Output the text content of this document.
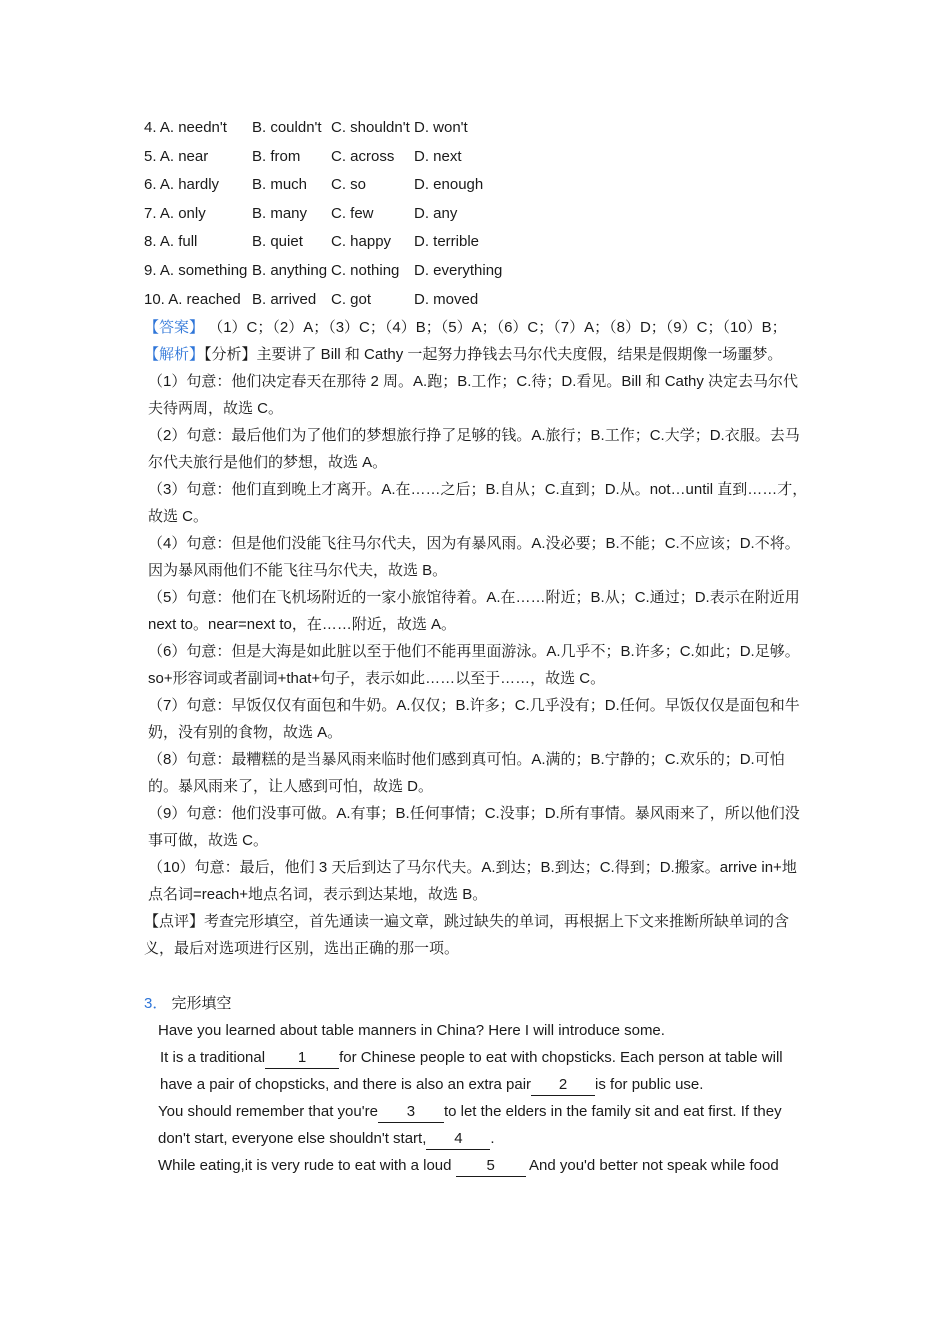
4. A. needn't	B. couldn't C. shouldn't D. won't
5. A. near	B. from	C. across	D. next
6. A. hardly	B. much	C. so	D. enough
7. A. only	B. many	C. few	D. any
8. A. full	B. quiet	C. happy	D. terrible
9. A. something B. anything C. nothing D. everything
10. A. reached B. arrived C. got	D. moved

【答案】 （1）C；（2）A；（3）C；（4）B；（5）A；（6）C；（7）A；（8）D；（9）C；（10）B；

【解析】【分析】主要讲了 Bill 和 Cathy 一起努力挣钱去马尔代夫度假，结果是假期像一场噩梦。

（1）句意：他们决定春天在那待 2 周。A.跑；B.工作；C.待；D.看见。Bill 和 Cathy 决定去马尔代夫待两周，故选 C。

（2）句意：最后他们为了他们的梦想旅行挣了足够的钱。A.旅行；B.工作；C.大学；D.衣服。去马尔代夫旅行是他们的梦想，故选 A。

（3）句意：他们直到晚上才离开。A.在……之后；B.自从；C.直到；D.从。not…until 直到……才，故选 C。

（4）句意：但是他们没能飞往马尔代夫，因为有暴风雨。A.没必要；B.不能；C.不应该；D.不将。因为暴风雨他们不能飞往马尔代夫，故选 B。

（5）句意：他们在飞机场附近的一家小旅馆待着。A.在……附近；B.从；C.通过；D.表示在附近用 next to。near=next to，在……附近，故选 A。

（6）句意：但是大海是如此脏以至于他们不能再里面游泳。A.几乎不；B.许多；C.如此；D.足够。so+形容词或者副词+that+句子，表示如此……以至于……，故选 C。

（7）句意：早饭仅仅有面包和牛奶。A.仅仅；B.许多；C.几乎没有；D.任何。早饭仅仅是面包和牛奶，没有别的食物，故选 A。

（8）句意：最糟糕的是当暴风雨来临时他们感到真可怕。A.满的；B.宁静的；C.欢乐的；D.可怕的。暴风雨来了，让人感到可怕，故选 D。

（9）句意：他们没事可做。A.有事；B.任何事情；C.没事；D.所有事情。暴风雨来了，所以他们没事可做，故选 C。

（10）句意：最后，他们 3 天后到达了马尔代夫。A.到达；B.到达；C.得到；D.搬家。arrive in+地点名词=reach+地点名词，表示到达某地，故选 B。

【点评】考查完形填空，首先通读一遍文章，跳过缺失的单词，再根据上下文来推断所缺单词的含义，最后对选项进行区别，选出正确的那一项。

3． 完形填空

Have you learned about table manners in China? Here I will introduce some.

It is a traditional 1 for Chinese people to eat with chopsticks. Each person at table will have a pair of chopsticks, and there is also an extra pair 2 is for public use.

You should remember that you're 3 to let the elders in the family sit and eat first. If they don't start, everyone else shouldn't start, 4 .

While eating,it is very rude to eat with a loud 5 And you'd better not speak while food
